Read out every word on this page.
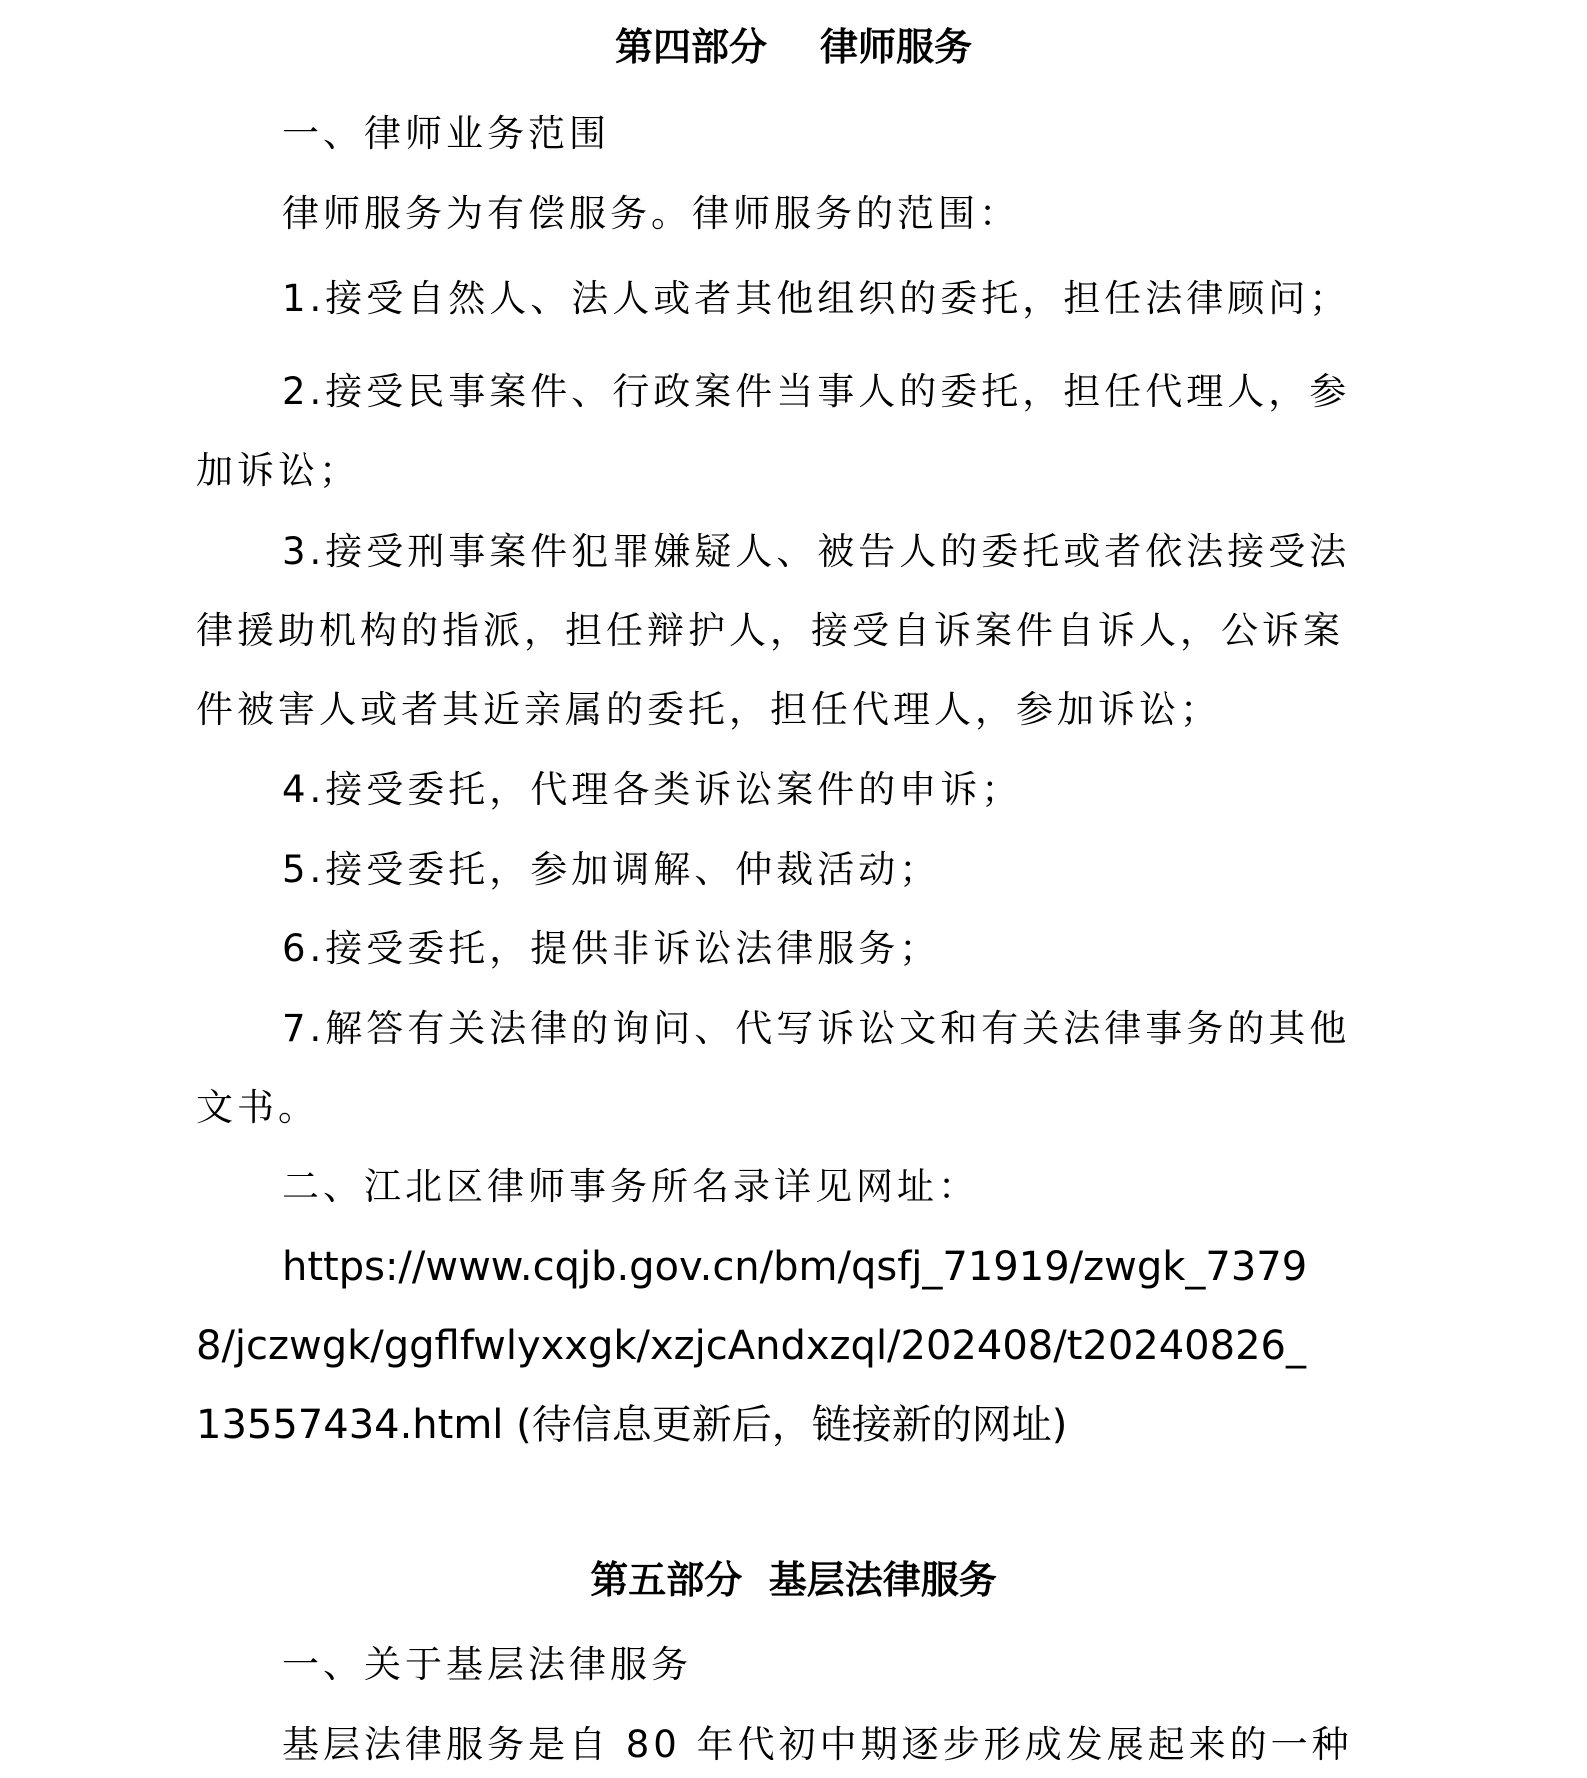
第四部分    律师服务
一、律师业务范围
律师服务为有偿服务。律师服务的范围：
1.接受自然人、法人或者其他组织的委托，担任法律顾问；
2.接受民事案件、行政案件当事人的委托，担任代理人，参
加诉讼；
3.接受刑事案件犯罪嫌疑人、被告人的委托或者依法接受法
律援助机构的指派，担任辩护人，接受自诉案件自诉人，公诉案
件被害人或者其近亲属的委托，担任代理人，参加诉讼；
4.接受委托，代理各类诉讼案件的申诉；
5.接受委托，参加调解、仲裁活动；
6.接受委托，提供非诉讼法律服务；
7.解答有关法律的询问、代写诉讼文和有关法律事务的其他
文书。
二、江北区律师事务所名录详见网址：
https://www.cqjb.gov.cn/bm/qsfj_71919/zwgk_7379
8/jczwgk/ggflfwlyxxgk/xzjcAndxzql/202408/t20240826_
13557434.html (待信息更新后，链接新的网址)
第五部分  基层法律服务
一、关于基层法律服务
基层法律服务是自 80 年代初中期逐步形成发展起来的一种
